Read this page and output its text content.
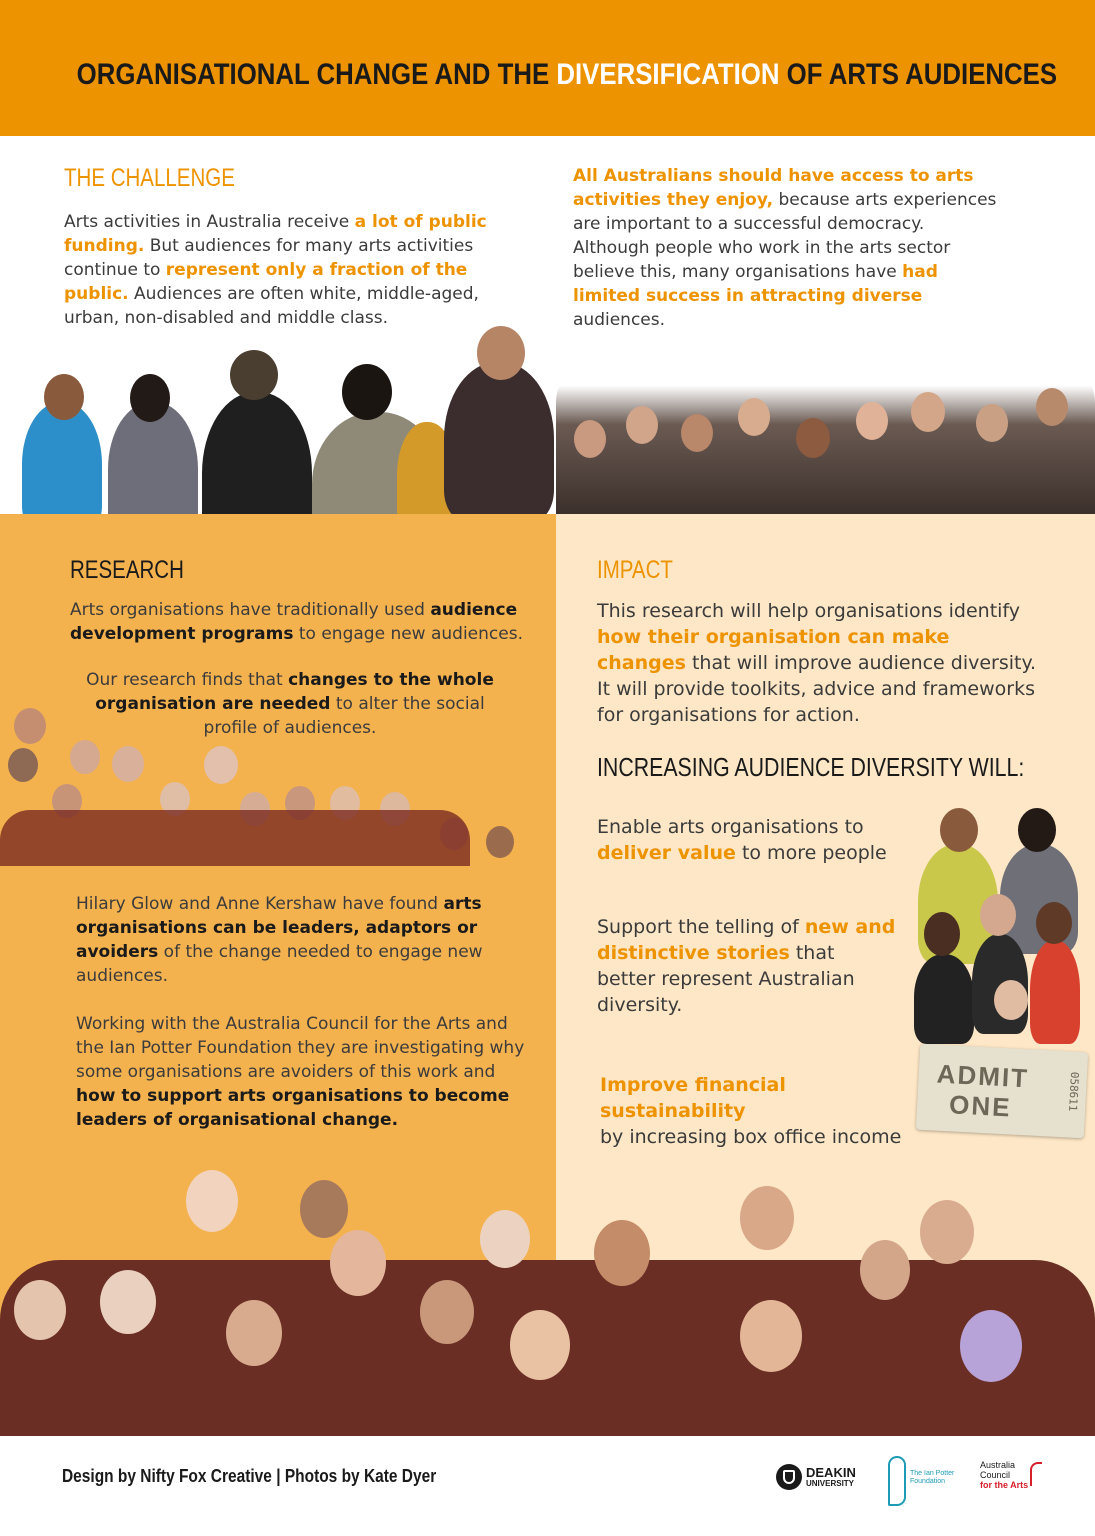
ORGANISATIONAL CHANGE AND THE DIVERSIFICATION OF ARTS AUDIENCES
THE CHALLENGE
Arts activities in Australia receive a lot of public funding. But audiences for many arts activities continue to represent only a fraction of the public. Audiences are often white, middle-aged, urban, non-disabled and middle class.
All Australians should have access to arts activities they enjoy, because arts experiences are important to a successful democracy. Although people who work in the arts sector believe this, many organisations have had limited success in attracting diverse audiences.
RESEARCH
Arts organisations have traditionally used audience development programs to engage new audiences.
Our research finds that changes to the whole organisation are needed to alter the social profile of audiences.
Hilary Glow and Anne Kershaw have found arts organisations can be leaders, adaptors or avoiders of the change needed to engage new audiences.
Working with the Australia Council for the Arts and the Ian Potter Foundation they are investigating why some organisations are avoiders of this work and how to support arts organisations to become leaders of organisational change.
IMPACT
This research will help organisations identify how their organisation can make changes that will improve audience diversity. It will provide toolkits, advice and frameworks for organisations for action.
INCREASING AUDIENCE DIVERSITY WILL:
Enable arts organisations to deliver value to more people
Support the telling of new and distinctive stories that better represent Australian diversity.
Improve financial sustainability
by increasing box office income
ADMIT
ONE	058611
Design by Nifty Fox Creative | Photos by Kate Dyer	DEAKIN
UNIVERSITY
The Ian Potter
Foundation
Australia
Council
for the Arts
